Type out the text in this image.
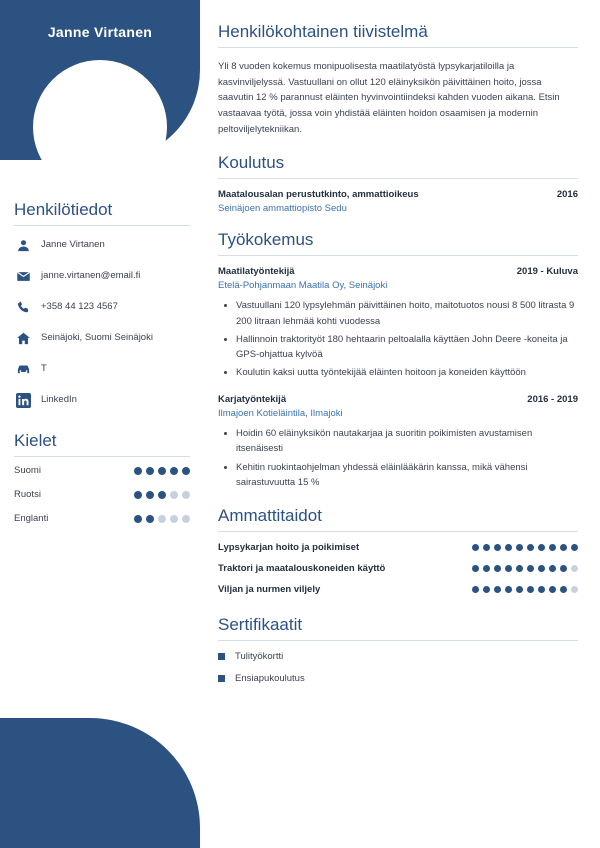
Janne Virtanen
Henkilötiedot
Janne Virtanen
janne.virtanen@email.fi
+358 44 123 4567
Seinäjoki, Suomi Seinäjoki
T
LinkedIn
Kielet
Suomi
Ruotsi
Englanti
Henkilökohtainen tiivistelmä

Yli 8 vuoden kokemus monipuolisesta maatilatyöstä lypsykarjatiloilla ja kasvinviljelyssä. Vastuullani on ollut 120 eläinyksikön päivittäinen hoito, jossa saavutin 12 % parannust eläinten hyvinvointiindeksi kahden vuoden aikana. Etsin vastaavaa työtä, jossa voin yhdistää eläinten hoidon osaamisen ja modernin peltoviljelytekniikan.

Koulutus
Maatalousalan perustutkinto, ammattioikeus	2016
Seinäjoen ammattiopisto Sedu
Työkokemus
Maatilatyöntekijä	2019 - Kuluva
Etelä-Pohjanmaan Maatila Oy, Seinäjoki
• Vastuullani 120 lypsylehmän päivittäinen hoito, maitotuotos nousi 8 500 litrasta 9 200 litraan lehmää kohti vuodessa
• Hallinnoin traktorityöt 180 hehtaarin peltoalalla käyttäen John Deere -koneita ja GPS-ohjattua kylvöä
• Koulutin kaksi uutta työntekijää eläinten hoitoon ja koneiden käyttöön
Karjatyöntekijä	2016 - 2019
Ilmajoen Kotieläintila, Ilmajoki
• Hoidin 60 eläinyksikön nautakarjaa ja suoritin poikimisten avustamisen itsenäisesti
• Kehitin ruokintaohjelman yhdessä eläinlääkärin kanssa, mikä vähensi sairastuvuutta 15 %
Ammattitaidot
Lypsykarjan hoito ja poikimiset
Traktori ja maatalouskoneiden käyttö
Viljan ja nurmen viljely
Sertifikaatit
Tulityökortti
Ensiapukoulutus
